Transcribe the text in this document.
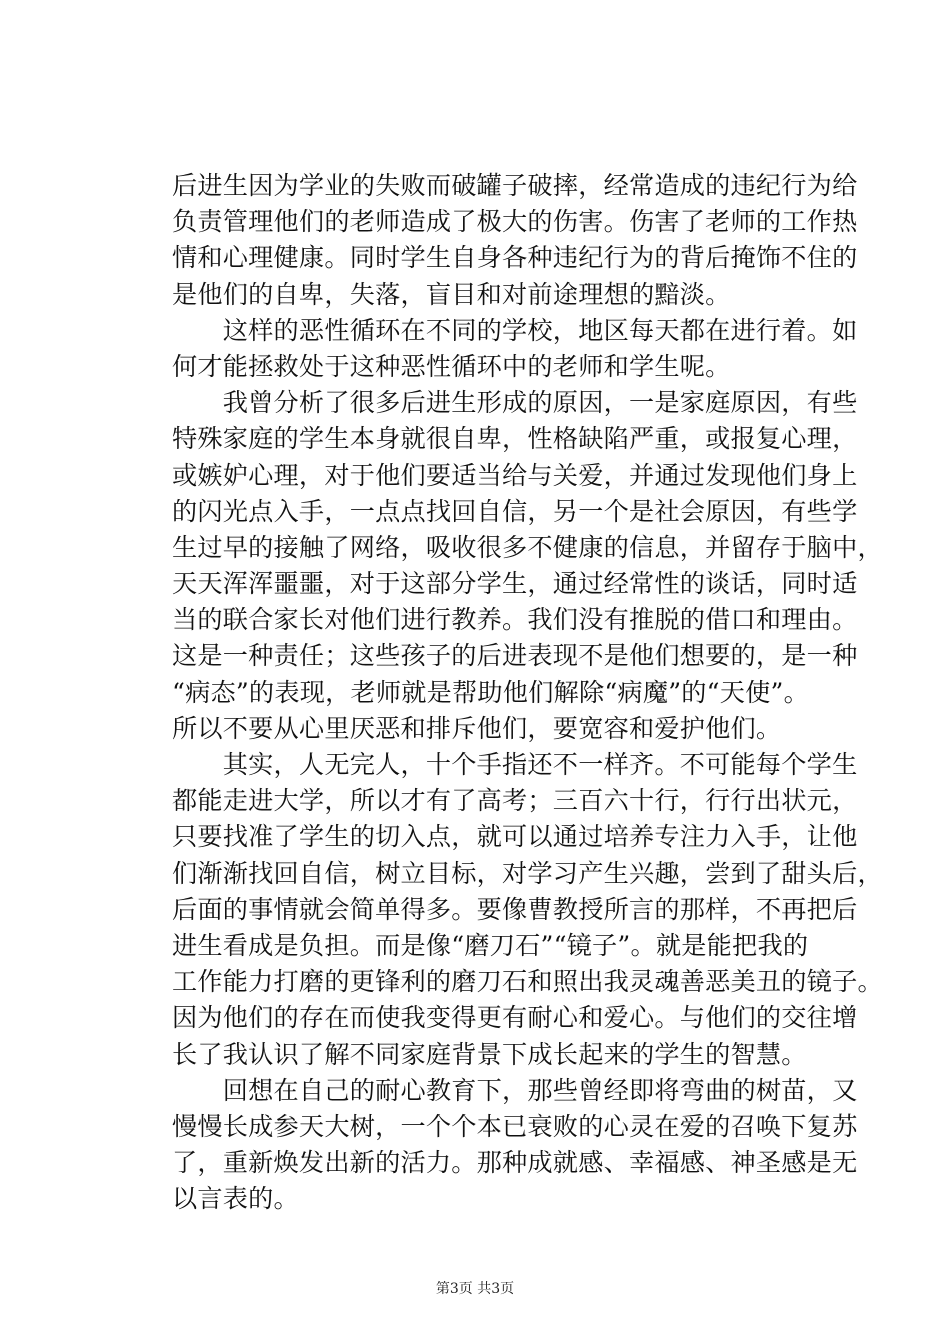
后进生因为学业的失败而破罐子破摔，经常造成的违纪行为给
负责管理他们的老师造成了极大的伤害。伤害了老师的工作热
情和心理健康。同时学生自身各种违纪行为的背后掩饰不住的
是他们的自卑，失落，盲目和对前途理想的黯淡。
　　这样的恶性循环在不同的学校，地区每天都在进行着。如
何才能拯救处于这种恶性循环中的老师和学生呢。
　　我曾分析了很多后进生形成的原因，一是家庭原因，有些
特殊家庭的学生本身就很自卑，性格缺陷严重，或报复心理，
或嫉妒心理，对于他们要适当给与关爱，并通过发现他们身上
的闪光点入手，一点点找回自信，另一个是社会原因，有些学
生过早的接触了网络，吸收很多不健康的信息，并留存于脑中，
天天浑浑噩噩，对于这部分学生，通过经常性的谈话，同时适
当的联合家长对他们进行教养。我们没有推脱的借口和理由。
这是一种责任；这些孩子的后进表现不是他们想要的，是一种
“病态”的表现，老师就是帮助他们解除“病魔”的“天使”。
所以不要从心里厌恶和排斥他们，要宽容和爱护他们。
　　其实，人无完人，十个手指还不一样齐。不可能每个学生
都能走进大学，所以才有了高考；三百六十行，行行出状元，
只要找准了学生的切入点，就可以通过培养专注力入手，让他
们渐渐找回自信，树立目标，对学习产生兴趣，尝到了甜头后，
后面的事情就会简单得多。要像曹教授所言的那样，不再把后
进生看成是负担。而是像“磨刀石”“镜子”。就是能把我的
工作能力打磨的更锋利的磨刀石和照出我灵魂善恶美丑的镜子。
因为他们的存在而使我变得更有耐心和爱心。与他们的交往增
长了我认识了解不同家庭背景下成长起来的学生的智慧。
　　回想在自己的耐心教育下，那些曾经即将弯曲的树苗，又
慢慢长成参天大树，一个个本已衰败的心灵在爱的召唤下复苏
了，重新焕发出新的活力。那种成就感、幸福感、神圣感是无
以言表的。
第3页 共3页
